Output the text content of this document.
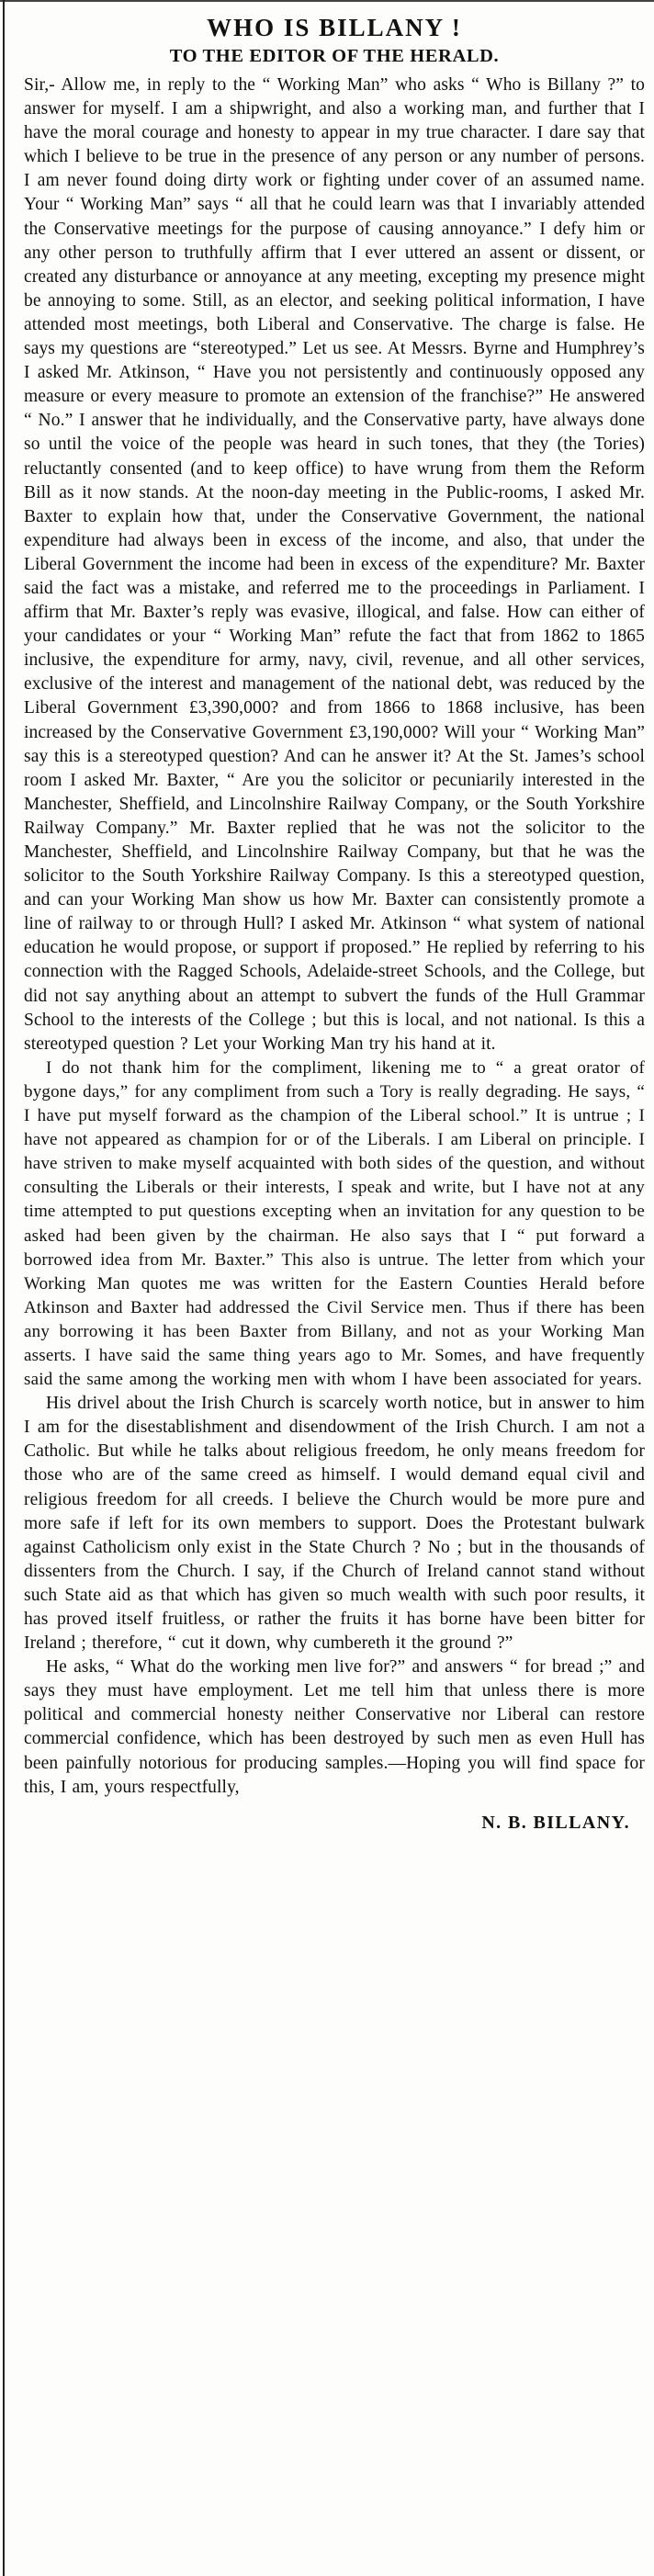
WHO IS BILLANY !
TO THE EDITOR OF THE HERALD.

Sir,- Allow me, in reply to the “ Working Man” who asks “ Who is Billany ?” to answer for myself. I am a shipwright, and also a working man, and further that I have the moral courage and honesty to appear in my true character. I dare say that which I believe to be true in the presence of any person or any number of persons. I am never found doing dirty work or fighting under cover of an assumed name. Your “ Working Man” says “ all that he could learn was that I invariably attended the Conservative meetings for the purpose of causing annoyance.” I defy him or any other person to truthfully affirm that I ever uttered an assent or dissent, or created any disturbance or annoyance at any meeting, excepting my presence might be annoying to some. Still, as an elector, and seeking political information, I have attended most meetings, both Liberal and Conservative. The charge is false. He says my questions are “stereotyped.” Let us see. At Messrs. Byrne and Humphrey’s I asked Mr. Atkinson, “ Have you not persistently and continuously opposed any measure or every measure to promote an extension of the franchise?” He answered “ No.” I answer that he individually, and the Conservative party, have always done so until the voice of the people was heard in such tones, that they (the Tories) reluctantly consented (and to keep office) to have wrung from them the Reform Bill as it now stands. At the noon-day meeting in the Public-rooms, I asked Mr. Baxter to explain how that, under the Conservative Government, the national expenditure had always been in excess of the income, and also, that under the Liberal Government the income had been in excess of the expenditure? Mr. Baxter said the fact was a mistake, and referred me to the proceedings in Parliament. I affirm that Mr. Baxter’s reply was evasive, illogical, and false. How can either of your candidates or your “ Working Man” refute the fact that from 1862 to 1865 inclusive, the expenditure for army, navy, civil, revenue, and all other services, exclusive of the interest and management of the national debt, was reduced by the Liberal Government £3,390,000? and from 1866 to 1868 inclusive, has been increased by the Conservative Government £3,190,000? Will your “ Working Man” say this is a stereotyped question? And can he answer it? At the St. James’s school room I asked Mr. Baxter, “ Are you the solicitor or pecuniarily interested in the Manchester, Sheffield, and Lincolnshire Railway Company, or the South Yorkshire Railway Company.” Mr. Baxter replied that he was not the solicitor to the Manchester, Sheffield, and Lincolnshire Railway Company, but that he was the solicitor to the South Yorkshire Railway Company. Is this a stereotyped question, and can your Working Man show us how Mr. Baxter can consistently promote a line of railway to or through Hull? I asked Mr. Atkinson “ what system of national education he would propose, or support if proposed.” He replied by referring to his connection with the Ragged Schools, Adelaide-street Schools, and the College, but did not say anything about an attempt to subvert the funds of the Hull Grammar School to the interests of the College ; but this is local, and not national. Is this a stereotyped question ? Let your Working Man try his hand at it.

I do not thank him for the compliment, likening me to “ a great orator of bygone days,” for any compliment from such a Tory is really degrading. He says, “ I have put myself forward as the champion of the Liberal school.” It is untrue ; I have not appeared as champion for or of the Liberals. I am Liberal on principle. I have striven to make myself acquainted with both sides of the question, and without consulting the Liberals or their interests, I speak and write, but I have not at any time attempted to put questions excepting when an invitation for any question to be asked had been given by the chairman. He also says that I “ put forward a borrowed idea from Mr. Baxter.” This also is untrue. The letter from which your Working Man quotes me was written for the Eastern Counties Herald before Atkinson and Baxter had addressed the Civil Service men. Thus if there has been any borrowing it has been Baxter from Billany, and not as your Working Man asserts. I have said the same thing years ago to Mr. Somes, and have frequently said the same among the working men with whom I have been associated for years.

His drivel about the Irish Church is scarcely worth notice, but in answer to him I am for the disestablishment and disendowment of the Irish Church. I am not a Catholic. But while he talks about religious freedom, he only means freedom for those who are of the same creed as himself. I would demand equal civil and religious freedom for all creeds. I believe the Church would be more pure and more safe if left for its own members to support. Does the Protestant bulwark against Catholicism only exist in the State Church ? No ; but in the thousands of dissenters from the Church. I say, if the Church of Ireland cannot stand without such State aid as that which has given so much wealth with such poor results, it has proved itself fruitless, or rather the fruits it has borne have been bitter for Ireland ; therefore, “ cut it down, why cumbereth it the ground ?”

He asks, “ What do the working men live for?” and answers “ for bread ;” and says they must have employment. Let me tell him that unless there is more political and commercial honesty neither Conservative nor Liberal can restore commercial confidence, which has been destroyed by such men as even Hull has been painfully notorious for producing samples.—Hoping you will find space for this, I am, yours respectfully,

N. B. BILLANY.
